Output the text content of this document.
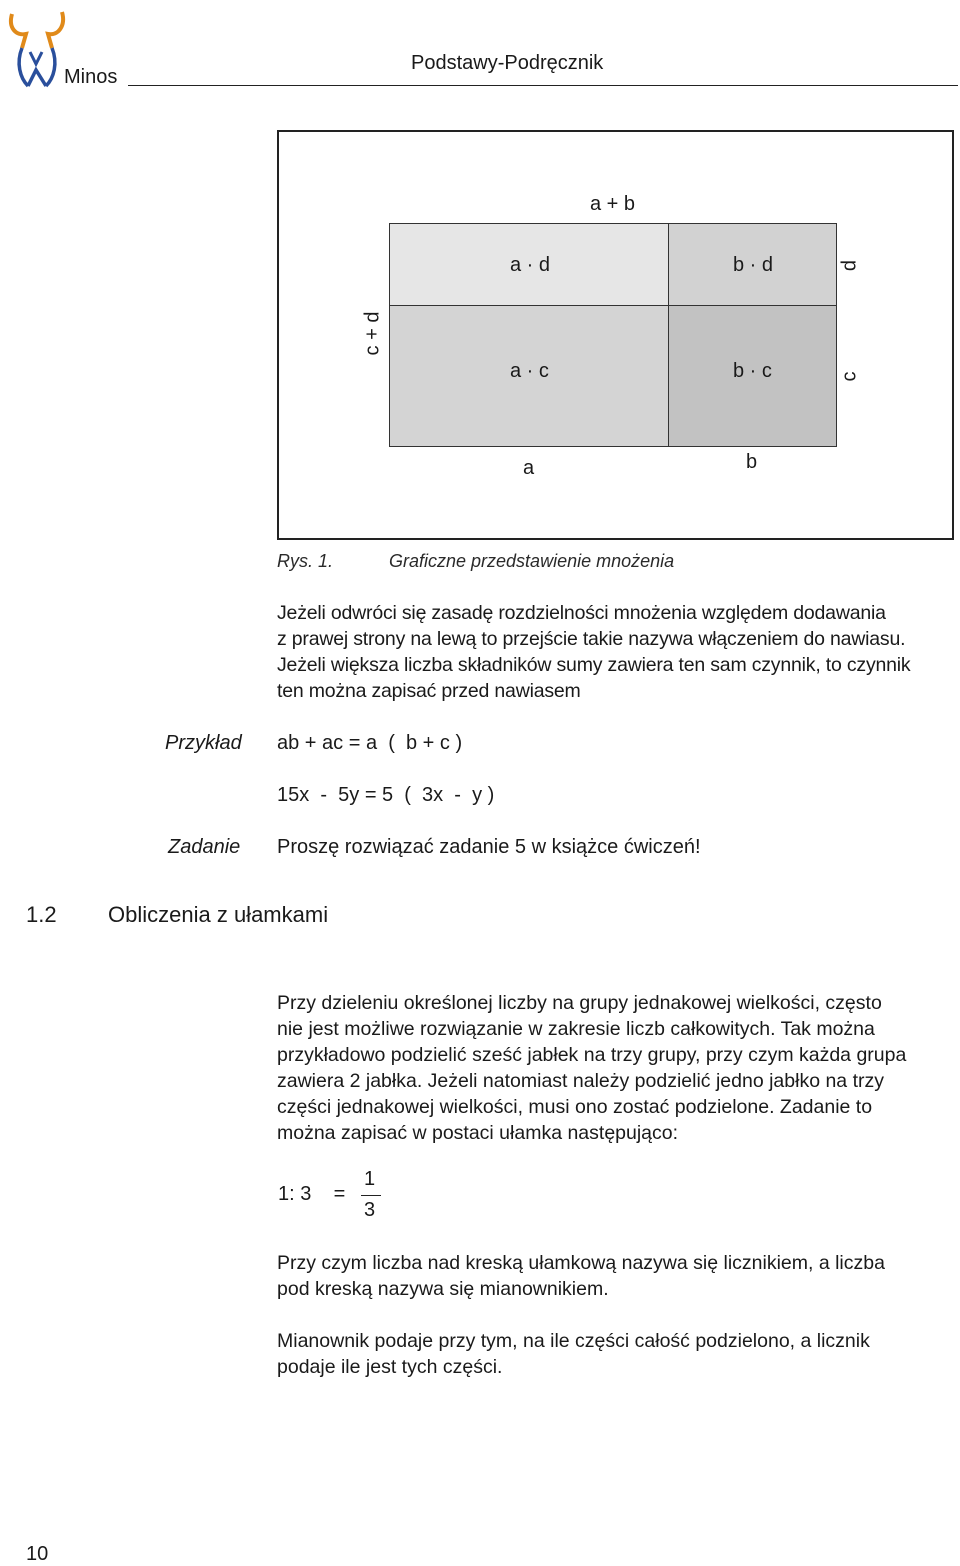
Minos
Podstawy-Podręcznik
a + b
a · d	b · d
a · c	b · c
c + d
d
c
a	b
Rys. 1.	Graficzne przedstawienie mnożenia
Jeżeli odwróci się zasadę rozdzielności mnożenia względem dodawania
z prawej strony na lewą to przejście takie nazywa włączeniem do nawiasu.
Jeżeli większa liczba składników sumy zawiera ten sam czynnik, to czynnik
ten można zapisać przed nawiasem
Przykład ab + ac = a  (  b + c )
15x  -  5y = 5  (  3x  -  y )
Zadanie Proszę rozwiązać zadanie 5 w książce ćwiczeń!
1.2 Obliczenia z ułamkami
Przy dzieleniu określonej liczby na grupy jednakowej wielkości, często
nie jest możliwe rozwiązanie w zakresie liczb całkowitych. Tak można
przykładowo podzielić sześć jabłek na trzy grupy, przy czym każda grupa
zawiera 2 jabłka. Jeżeli natomiast należy podzielić jedno jabłko na trzy
części jednakowej wielkości, musi ono zostać podzielone. Zadanie to
można zapisać w postaci ułamka następująco:
1: 3    =
1
3
Przy czym liczba nad kreską ułamkową nazywa się licznikiem, a liczba
pod kreską nazywa się mianownikiem.
Mianownik podaje przy tym, na ile części całość podzielono, a licznik
podaje ile jest tych części.
10
